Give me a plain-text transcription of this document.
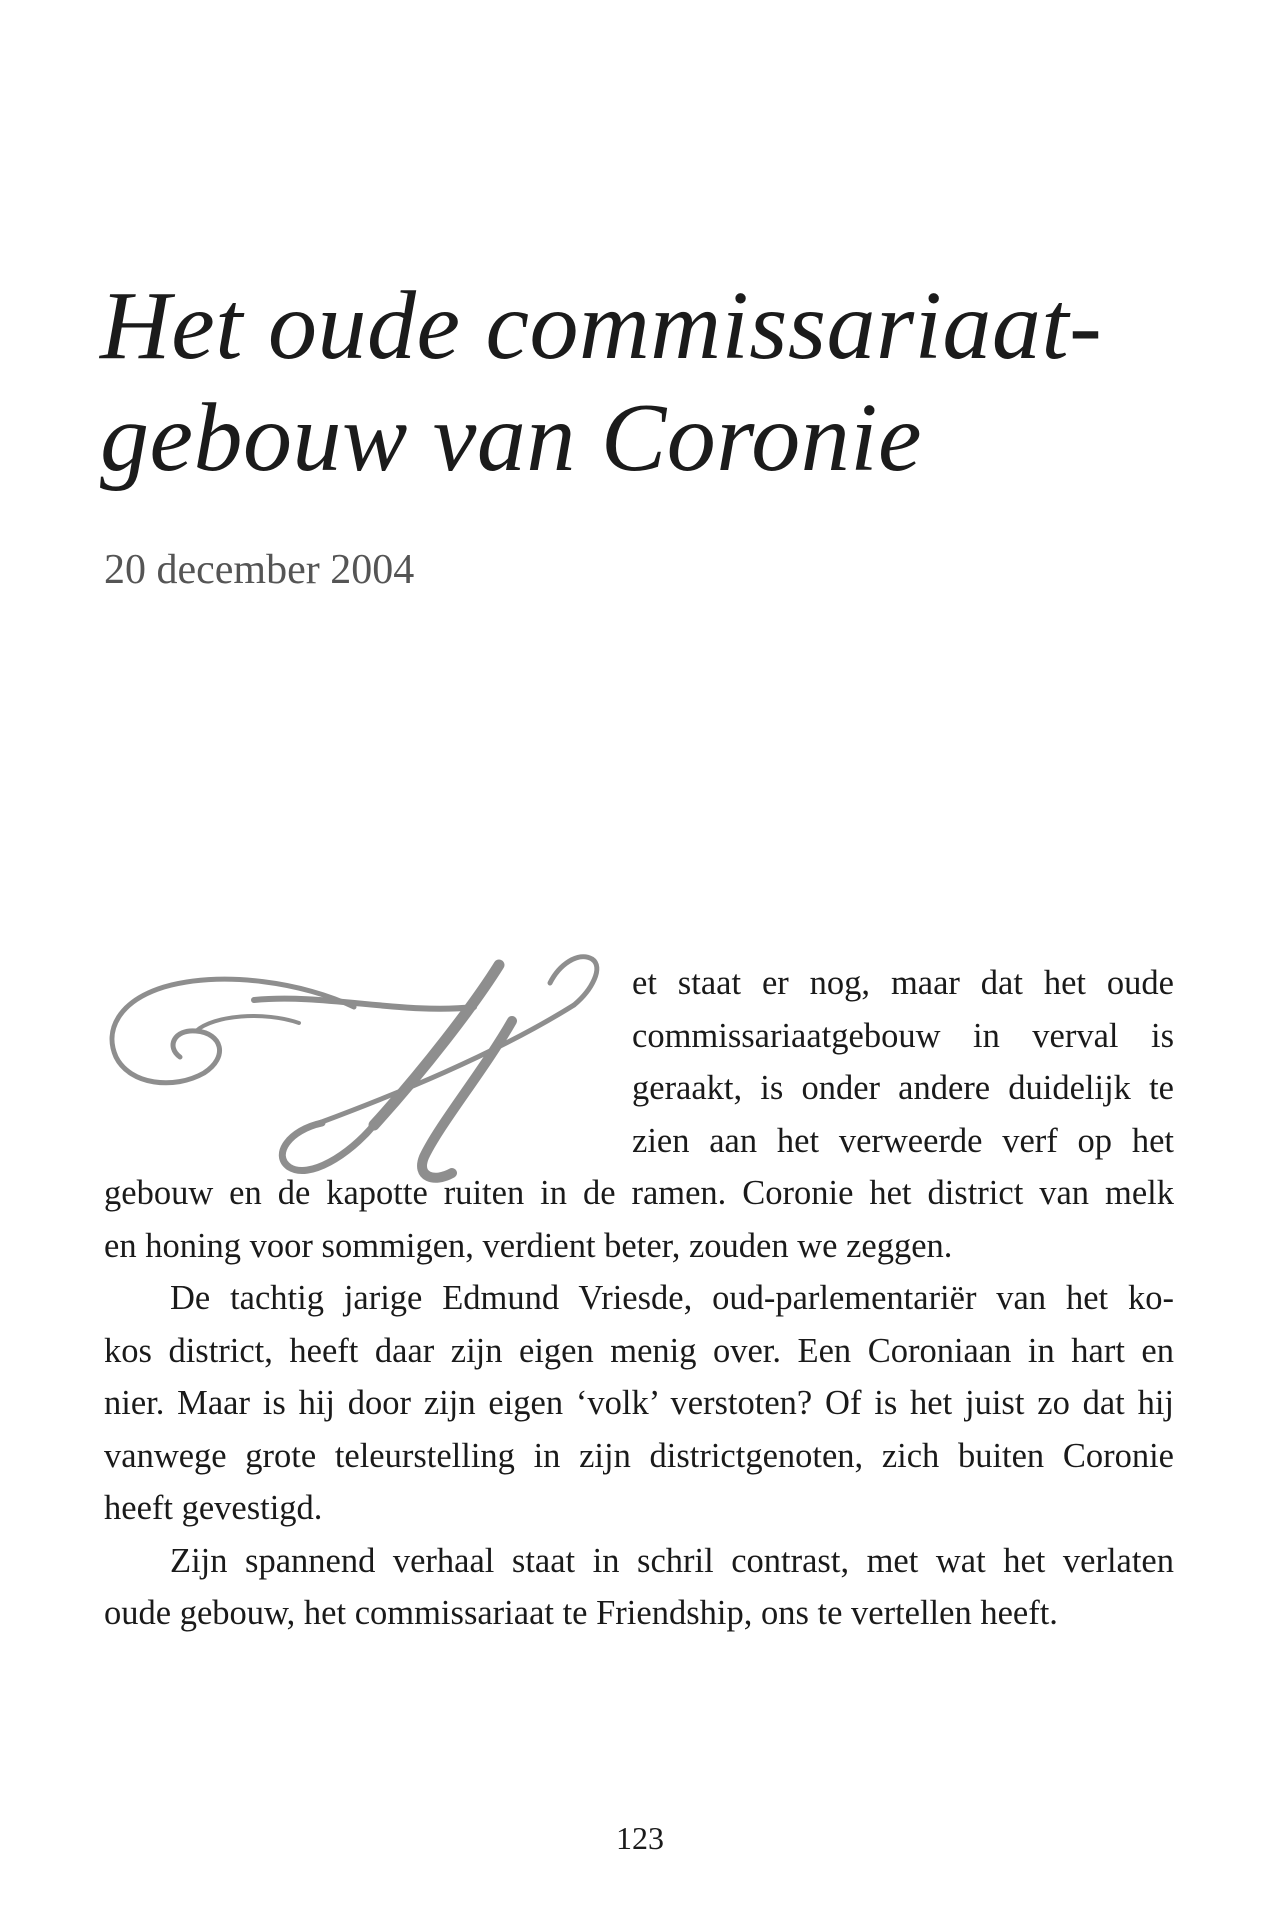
Het oude commissariaat-
gebouw van Coronie
20 december 2004
et staat er nog, maar dat het oude
commissariaatgebouw in verval is
geraakt, is onder andere duidelijk te
zien aan het verweerde verf op het
gebouw en de kapotte ruiten in de ramen. Coronie het district van melk
en honing voor sommigen, verdient beter, zouden we zeggen.
De tachtig jarige Edmund Vriesde, oud-parlementariër van het ko-
kos district, heeft daar zijn eigen menig over. Een Coroniaan in hart en
nier. Maar is hij door zijn eigen ‘volk’ verstoten? Of is het juist zo dat hij
vanwege grote teleurstelling in zijn districtgenoten, zich buiten Coronie
heeft gevestigd.
Zijn spannend verhaal staat in schril contrast, met wat het verlaten
oude gebouw, het commissariaat te Friendship, ons te vertellen heeft.
123
